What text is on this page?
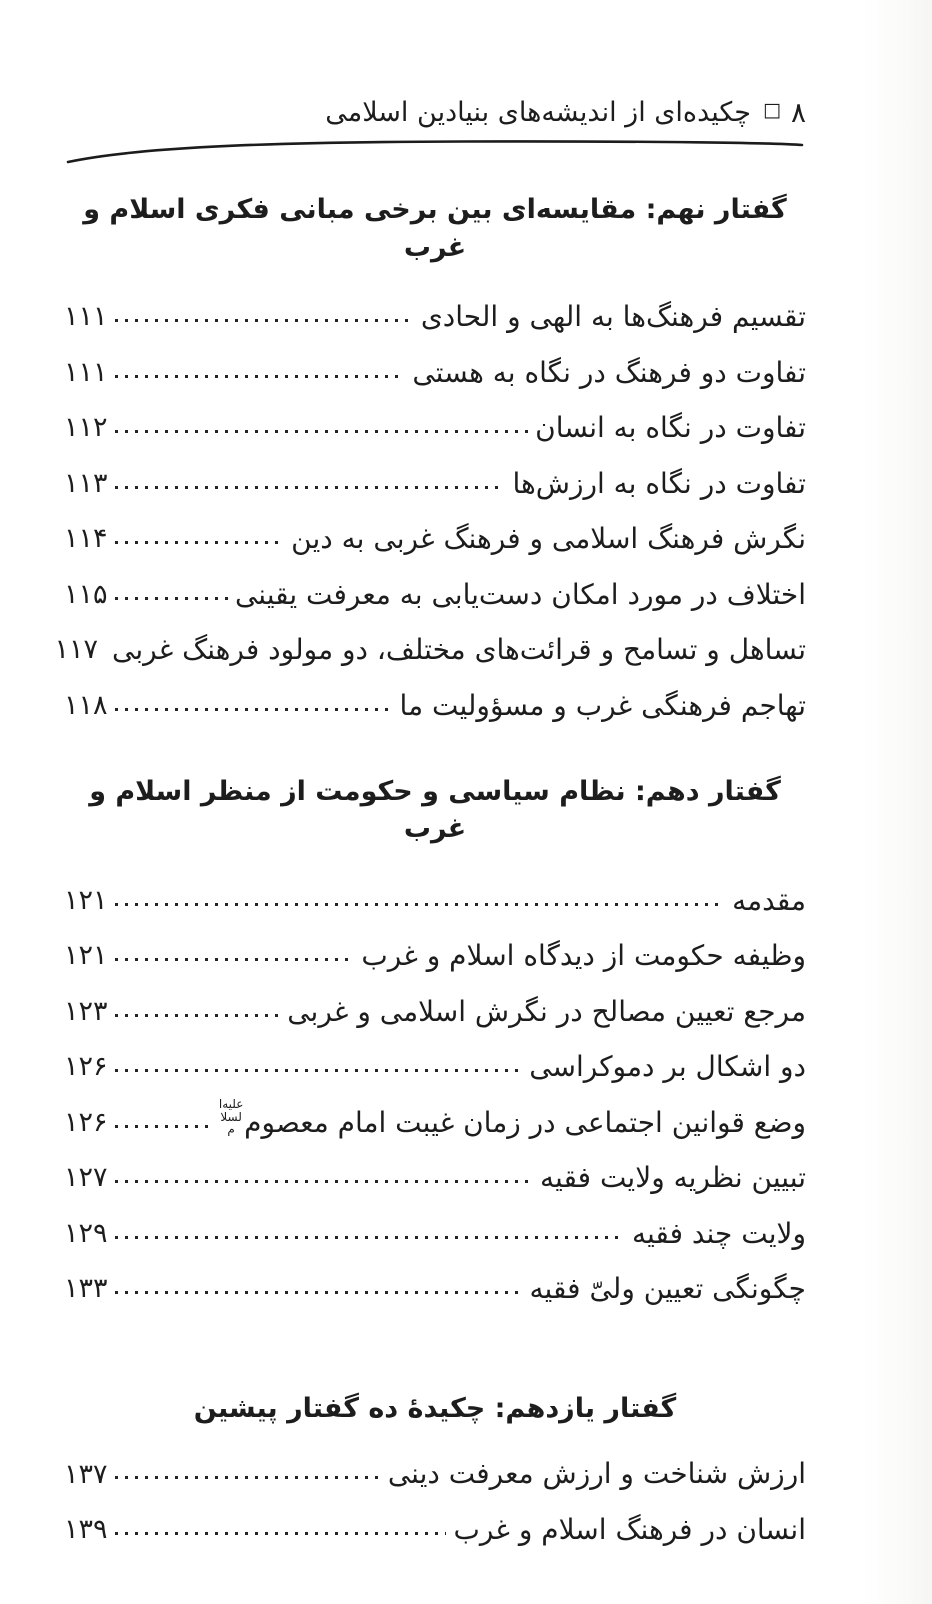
۸
□
چکیده‌ای از اندیشه‌های بنیادین اسلامی
گفتار نهم: مقایسه‌ای بین برخی مبانی فکری اسلام و غرب
تقسیم فرهنگ‌ها به الهی و الحادی
۱۱۱
تفاوت دو فرهنگ در نگاه به هستی
۱۱۱
تفاوت در نگاه به انسان
۱۱۲
تفاوت در نگاه به ارزش‌ها
۱۱۳
نگرش فرهنگ اسلامی و فرهنگ غربی به دین
۱۱۴
اختلاف در مورد امکان دست‌یابی به معرفت یقینی
۱۱۵
تساهل و تسامح و قرائت‌های مختلف، دو مولود فرهنگ غربی
۱۱۷
تهاجم فرهنگی غرب و مسؤولیت ما
۱۱۸
گفتار دهم: نظام سیاسی و حکومت از منظر اسلام و غرب
مقدمه
۱۲۱
وظیفه حکومت از دیدگاه اسلام و غرب
۱۲۱
مرجع تعیین مصالح در نگرش اسلامی و غربی
۱۲۳
دو اشکال بر دموکراسی
۱۲۶
وضع قوانین اجتماعی در زمان غیبت امام معصوم
علیه‌السلام
۱۲۶
تبیین نظریه ولایت فقیه
۱۲۷
ولایت چند فقیه
۱۲۹
چگونگی تعیین ولیّ فقیه
۱۳۳
گفتار یازدهم: چکیدهٔ ده گفتار پیشین
ارزش شناخت و ارزش معرفت دینی
۱۳۷
انسان در فرهنگ اسلام و غرب
۱۳۹
